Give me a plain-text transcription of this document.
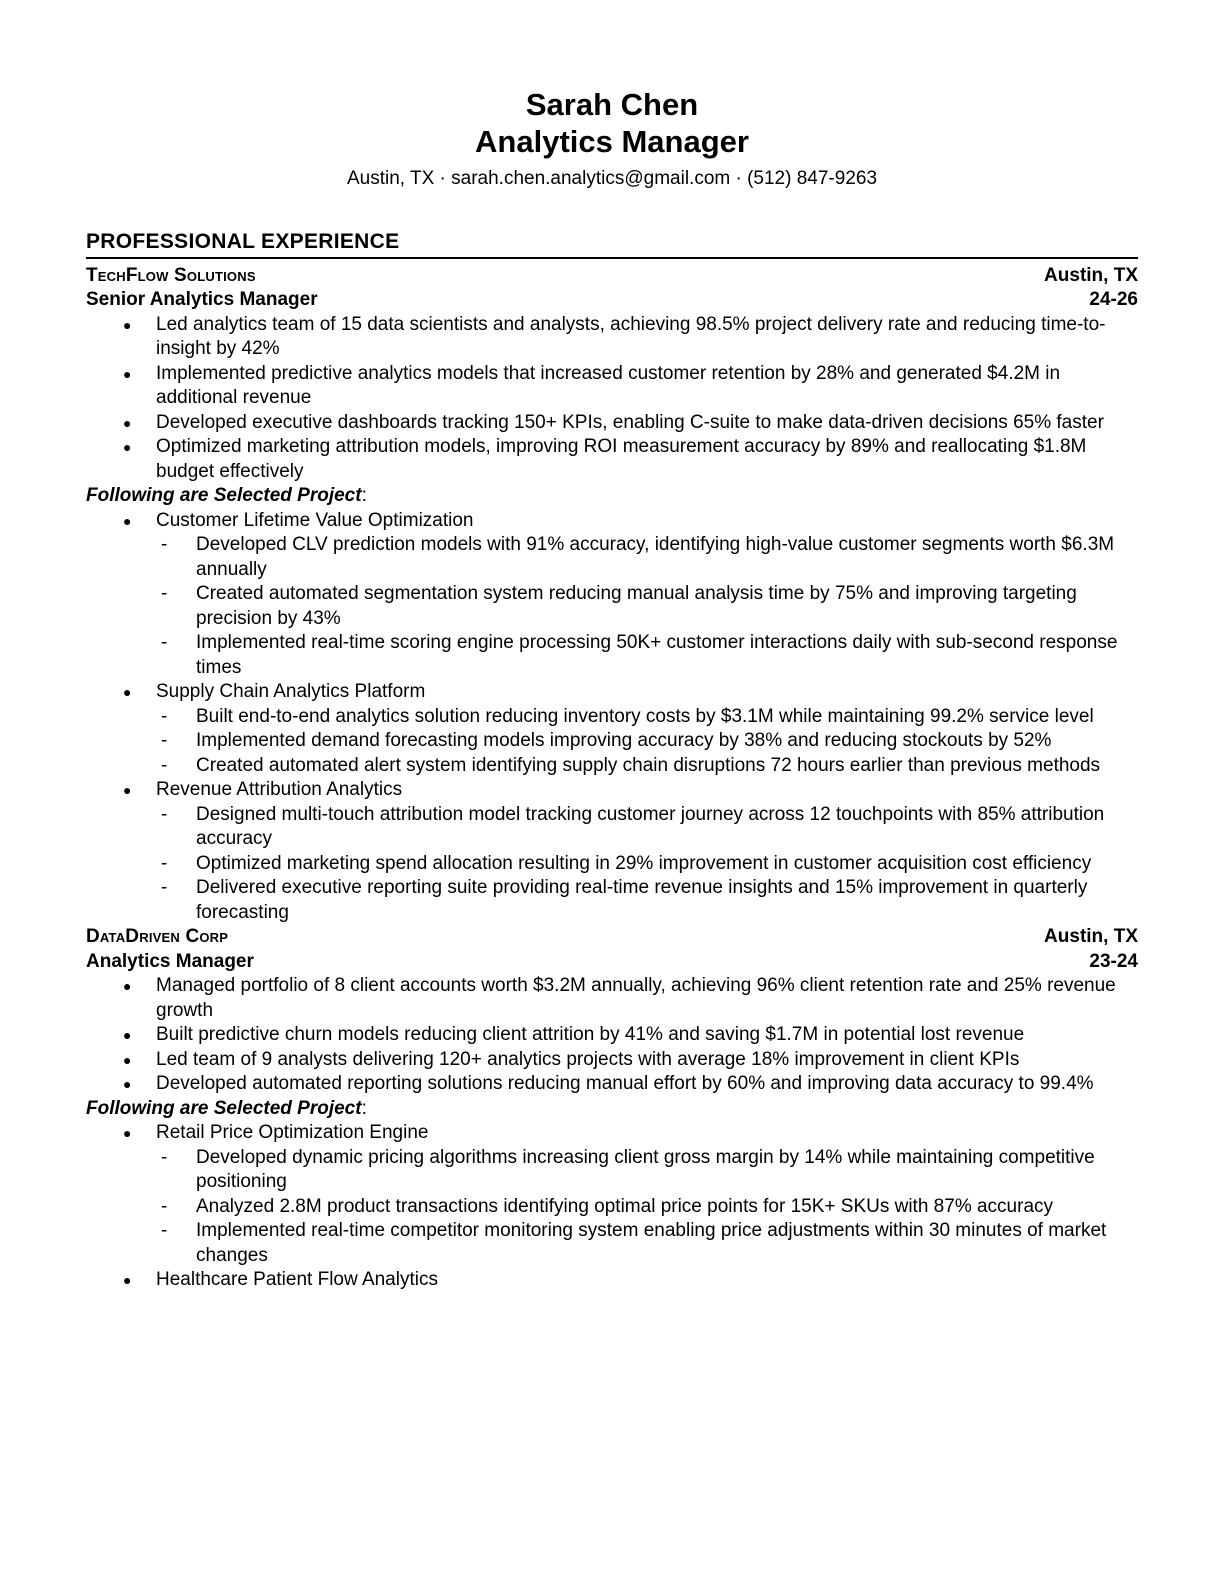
Sarah Chen
Analytics Manager

Austin, TX · sarah.chen.analytics@gmail.com · (512) 847-9263

PROFESSIONAL EXPERIENCE
TechFlow Solutions	Austin, TX
Senior Analytics Manager	24-26
● Led analytics team of 15 data scientists and analysts, achieving 98.5% project delivery rate and reducing time-to-insight by 42%
● Implemented predictive analytics models that increased customer retention by 28% and generated $4.2M in additional revenue
● Developed executive dashboards tracking 150+ KPIs, enabling C-suite to make data-driven decisions 65% faster
● Optimized marketing attribution models, improving ROI measurement accuracy by 89% and reallocating $1.8M budget effectively

Following are Selected Project:

● Customer Lifetime Value Optimization
- Developed CLV prediction models with 91% accuracy, identifying high-value customer segments worth $6.3M annually
- Created automated segmentation system reducing manual analysis time by 75% and improving targeting precision by 43%
- Implemented real-time scoring engine processing 50K+ customer interactions daily with sub-second response times
● Supply Chain Analytics Platform
- Built end-to-end analytics solution reducing inventory costs by $3.1M while maintaining 99.2% service level
- Implemented demand forecasting models improving accuracy by 38% and reducing stockouts by 52%
- Created automated alert system identifying supply chain disruptions 72 hours earlier than previous methods
● Revenue Attribution Analytics
- Designed multi-touch attribution model tracking customer journey across 12 touchpoints with 85% attribution accuracy
- Optimized marketing spend allocation resulting in 29% improvement in customer acquisition cost efficiency
- Delivered executive reporting suite providing real-time revenue insights and 15% improvement in quarterly forecasting
DataDriven Corp	Austin, TX
Analytics Manager	23-24
● Managed portfolio of 8 client accounts worth $3.2M annually, achieving 96% client retention rate and 25% revenue growth
● Built predictive churn models reducing client attrition by 41% and saving $1.7M in potential lost revenue
● Led team of 9 analysts delivering 120+ analytics projects with average 18% improvement in client KPIs
● Developed automated reporting solutions reducing manual effort by 60% and improving data accuracy to 99.4%

Following are Selected Project:

● Retail Price Optimization Engine
- Developed dynamic pricing algorithms increasing client gross margin by 14% while maintaining competitive positioning
- Analyzed 2.8M product transactions identifying optimal price points for 15K+ SKUs with 87% accuracy
- Implemented real-time competitor monitoring system enabling price adjustments within 30 minutes of market changes
● Healthcare Patient Flow Analytics
